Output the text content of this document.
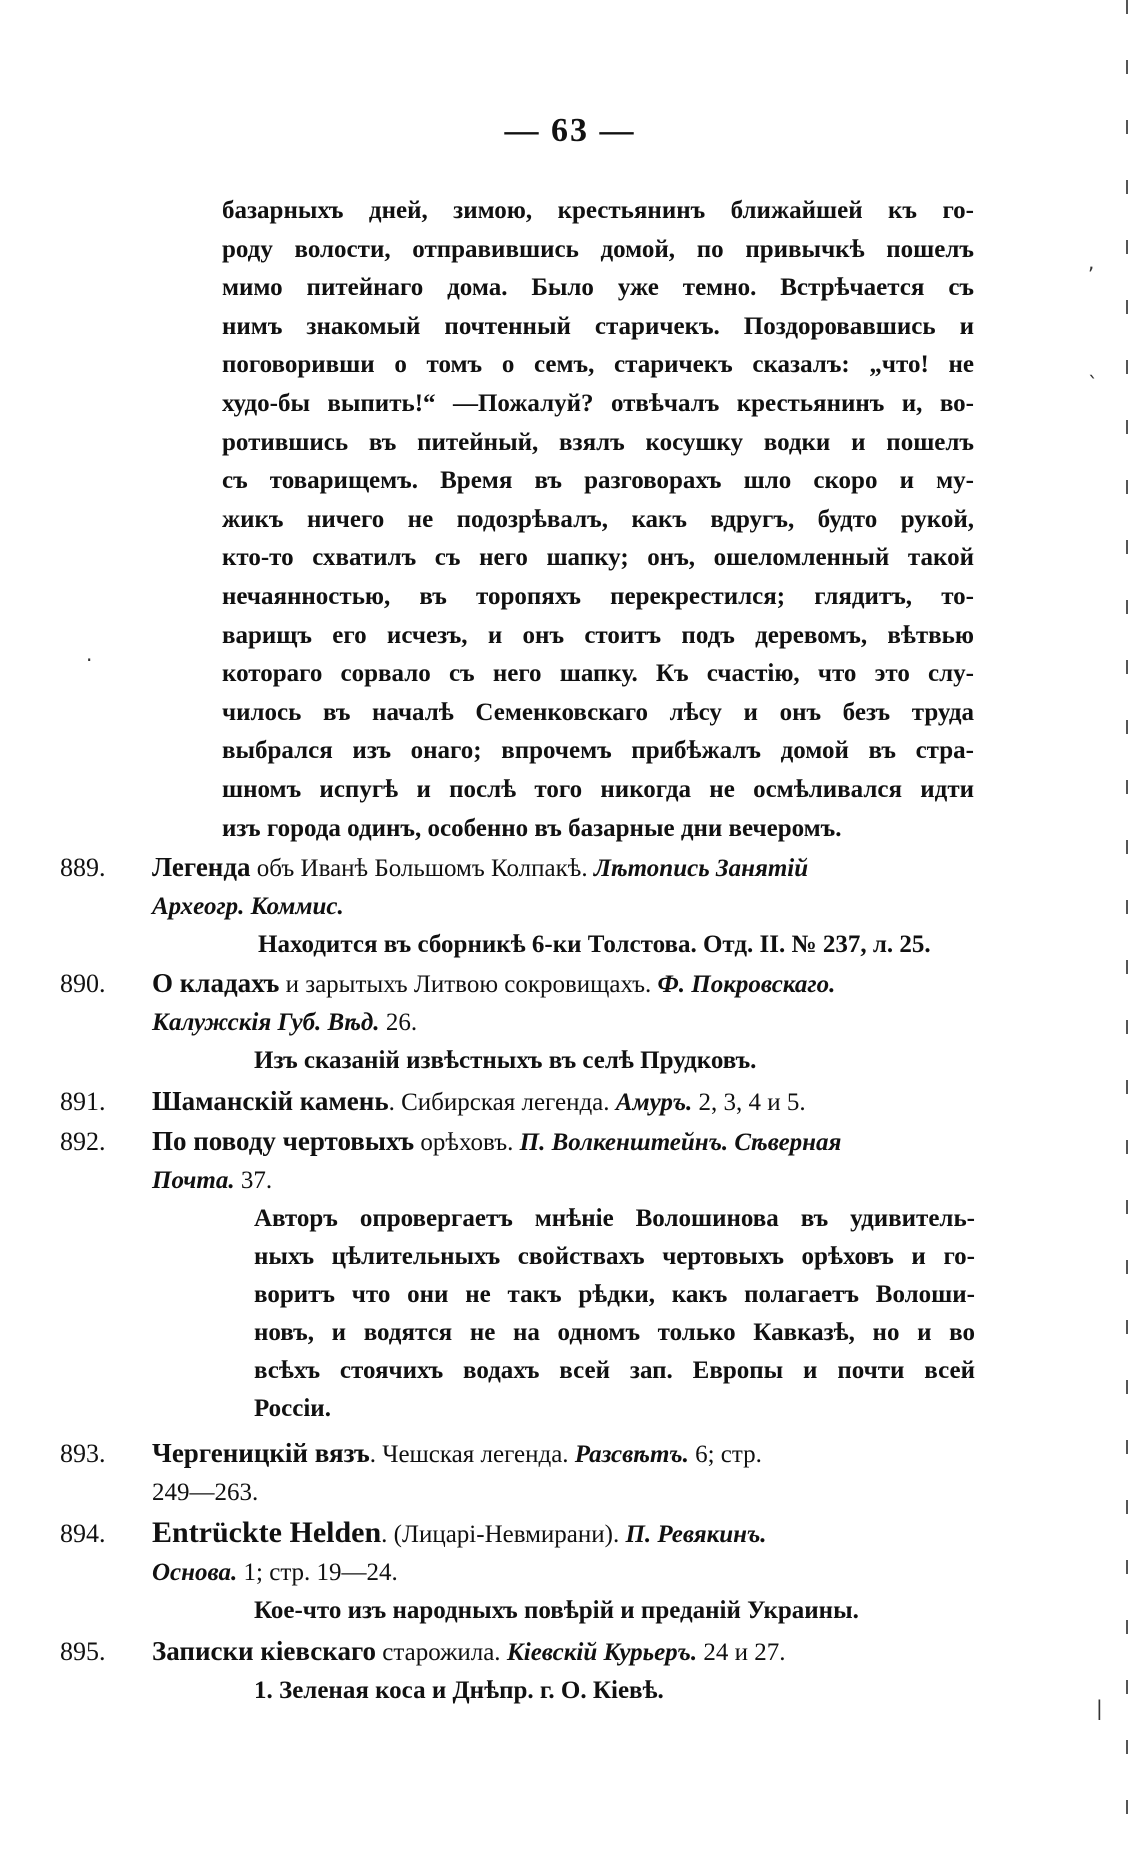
— 63 —
базарныхъ дней, зимою, крестьянинъ ближайшей къ го-
роду волости, отправившись домой, по привычкѣ пошелъ
мимо питейнаго дома. Было уже темно. Встрѣчается съ
нимъ знакомый почтенный старичекъ. Поздоровавшись и
поговоривши о томъ о семъ, старичекъ сказалъ: „что! не
худо-бы выпить!“ —Пожалуй? отвѣчалъ крестьянинъ и, во-
ротившись въ питейный, взялъ косушку водки и пошелъ
съ товарищемъ. Время въ разговорахъ шло скоро и му-
жикъ ничего не подозрѣвалъ, какъ вдругъ, будто рукой,
кто-то схватилъ съ него шапку; онъ, ошеломленный такой
нечаянностью, въ торопяхъ перекрестился; глядитъ, то-
варищъ его исчезъ, и онъ стоитъ подъ деревомъ, вѣтвью
котораго сорвало съ него шапку. Къ счастію, что это слу-
чилось въ началѣ Семенковскаго лѣсу и онъ безъ труда
выбрался изъ онаго; впрочемъ прибѣжалъ домой въ стра-
шномъ испугѣ и послѣ того никогда не осмѣливался идти
изъ города одинъ, особенно въ базарные дни вечеромъ.
889. Легенда объ Иванѣ Большомъ Колпакѣ. Лѣтопись Занятій
Археогр. Коммис.
Находится въ сборникѣ 6-ки Толстова. Отд. II. № 237, л. 25.
890. О кладахъ и зарытыхъ Литвою сокровищахъ. Ф. Покровскаго.
Калужскія Губ. Вѣд. 26.
Изъ сказаній извѣстныхъ въ селѣ Прудковъ.
891. Шаманскій камень. Сибирская легенда. Амуръ. 2, 3, 4 и 5.
892. По поводу чертовыхъ орѣховъ. П. Волкенштейнъ. Сѣверная
Почта. 37.
Авторъ опровергаетъ мнѣніе Волошинова въ удивитель-
ныхъ цѣлительныхъ свойствахъ чертовыхъ орѣховъ и го-
воритъ что они не такъ рѣдки, какъ полагаетъ Волоши-
новъ, и водятся не на одномъ только Кавказѣ, но и во
всѣхъ стоячихъ водахъ всей зап. Европы и почти всей
Россіи.
893. Чергеницкій вязъ. Чешская легенда. Разсвѣтъ. 6; стр.
249—263.
894. Entrückte Helden. (Лицарі-Невмирани). П. Ревякинъ.
Основа. 1; стр. 19—24.
Кое-что изъ народныхъ повѣрій и преданій Украины.
895. Записки кіевскаго старожила. Кіевскій Курьеръ. 24 и 27.
1. Зеленая коса и Днѣпр. г. О. Кіевѣ.
,
`
·
|
